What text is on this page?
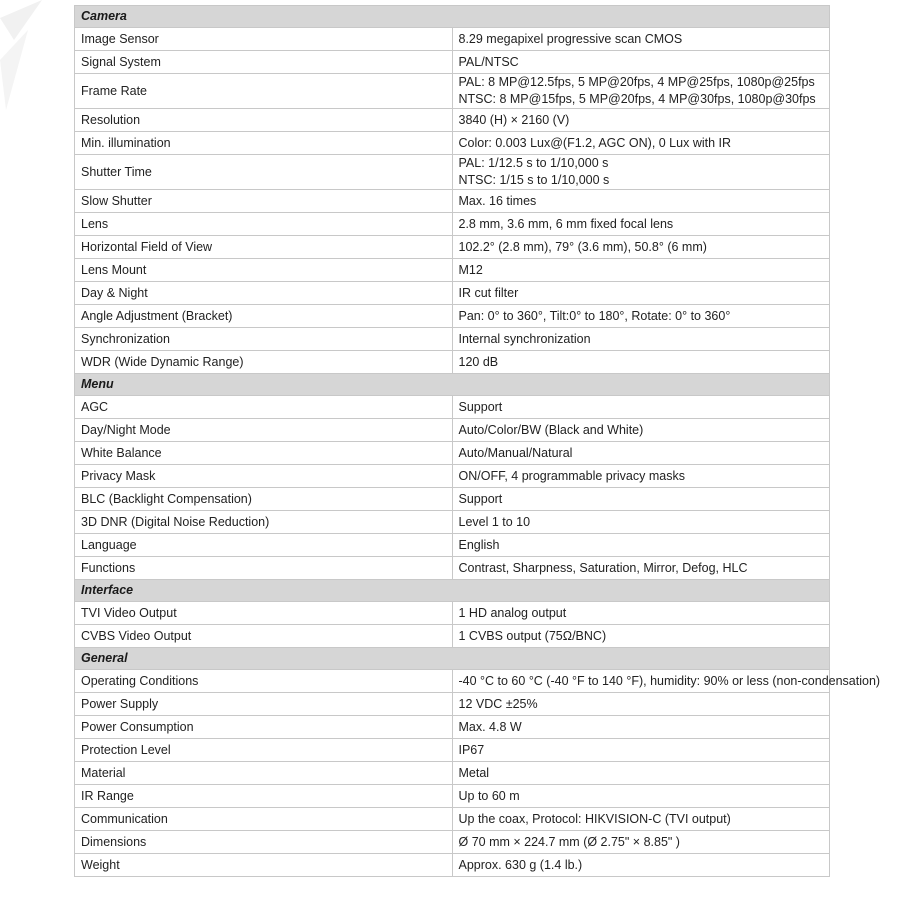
Camera	
Image Sensor	8.29 megapixel progressive scan CMOS

Signal System	PAL/NTSC

Frame Rate	PAL: 8 MP@12.5fps, 5 MP@20fps, 4 MP@25fps, 1080p@25fps
NTSC: 8 MP@15fps, 5 MP@20fps, 4 MP@30fps, 1080p@30fps

Resolution	3840 (H) × 2160 (V)

Min. illumination	Color: 0.003 Lux@(F1.2, AGC ON), 0 Lux with IR

Shutter Time	PAL: 1/12.5 s to 1/10,000 s
NTSC: 1/15 s to 1/10,000 s

Slow Shutter	Max. 16 times

Lens	2.8 mm, 3.6 mm, 6 mm fixed focal lens

Horizontal Field of View	102.2° (2.8 mm), 79° (3.6 mm), 50.8° (6 mm)

Lens Mount	M12

Day & Night	IR cut filter

Angle Adjustment (Bracket)	Pan: 0° to 360°, Tilt:0° to 180°, Rotate: 0° to 360°

Synchronization	Internal synchronization

WDR (Wide Dynamic Range)	120 dB

Menu	
AGC	Support

Day/Night Mode	Auto/Color/BW (Black and White)

White Balance	Auto/Manual/Natural

Privacy Mask	ON/OFF, 4 programmable privacy masks

BLC (Backlight Compensation)	Support

3D DNR (Digital Noise Reduction)	Level 1 to 10

Language	English

Functions	Contrast, Sharpness, Saturation, Mirror, Defog, HLC

Interface	
TVI Video Output	1 HD analog output

CVBS Video Output	1 CVBS output (75Ω/BNC)

General	
Operating Conditions	-40 °C to 60 °C (-40 °F to 140 °F), humidity: 90% or less (non-condensation)

Power Supply	12 VDC ±25%

Power Consumption	Max. 4.8 W

Protection Level	IP67

Material	Metal

IR Range	Up to 60 m

Communication	Up the coax, Protocol: HIKVISION-C (TVI output)

Dimensions	Ø 70 mm × 224.7 mm (Ø 2.75" × 8.85" )

Weight	Approx. 630 g (1.4 lb.)
